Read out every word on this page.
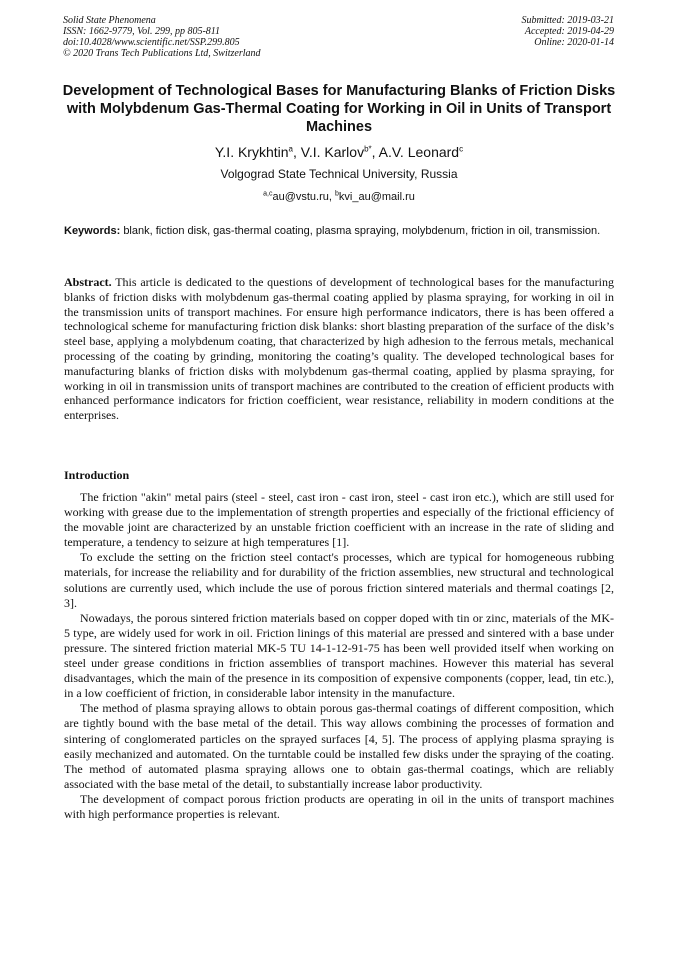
Solid State Phenomena
ISSN: 1662-9779, Vol. 299, pp 805-811
doi:10.4028/www.scientific.net/SSP.299.805
© 2020 Trans Tech Publications Ltd, Switzerland
Submitted: 2019-03-21
Accepted: 2019-04-29
Online: 2020-01-14
Development of Technological Bases for Manufacturing Blanks of Friction Disks with Molybdenum Gas-Thermal Coating for Working in Oil in Units of Transport Machines
Y.I. Krykhtin$^a$, V.I. Karlov$^{b*}$, A.V. Leonard$^c$
Volgograd State Technical University, Russia
$^{a,c}$au@vstu.ru, $^b$kvi_au@mail.ru
Keywords: blank, fiction disk, gas-thermal coating, plasma spraying, molybdenum, friction in oil, transmission.
Abstract. This article is dedicated to the questions of development of technological bases for the manufacturing blanks of friction disks with molybdenum gas-thermal coating applied by plasma spraying, for working in oil in the transmission units of transport machines. For ensure high performance indicators, there is has been offered a technological scheme for manufacturing friction disk blanks: short blasting preparation of the surface of the disk’s steel base, applying a molybdenum coating, that characterized by high adhesion to the ferrous metals, mechanical processing of the coating by grinding, monitoring the coating’s quality. The developed technological bases for manufacturing blanks of friction disks with molybdenum gas-thermal coating, applied by plasma spraying, for working in oil in transmission units of transport machines are contributed to the creation of efficient products with enhanced performance indicators for friction coefficient, wear resistance, reliability in modern conditions at the enterprises.
Introduction

The friction "akin" metal pairs (steel - steel, cast iron - cast iron, steel - cast iron etc.), which are still used for working with grease due to the implementation of strength properties and especially of the frictional efficiency of the movable joint are characterized by an unstable friction coefficient with an increase in the rate of sliding and temperature, a tendency to seizure at high temperatures [1].

To exclude the setting on the friction steel contact's processes, which are typical for homogeneous rubbing materials, for increase the reliability and for durability of the friction assemblies, new structural and technological solutions are currently used, which include the use of porous friction sintered materials and thermal coatings [2, 3].

Nowadays, the porous sintered friction materials based on copper doped with tin or zinc, materials of the MK-5 type, are widely used for work in oil. Friction linings of this material are pressed and sintered with a base under pressure. The sintered friction material MK-5 TU 14-1-12-91-75 has been well provided itself when working on steel under grease conditions in friction assemblies of transport machines. However this material has several disadvantages, which the main of the presence in its composition of expensive components (copper, lead, tin etc.), in a low coefficient of friction, in considerable labor intensity in the manufacture.

The method of plasma spraying allows to obtain porous gas-thermal coatings of different composition, which are tightly bound with the base metal of the detail. This way allows combining the processes of formation and sintering of conglomerated particles on the sprayed surfaces [4, 5]. The process of applying plasma spraying is easily mechanized and automated. On the turntable could be installed few disks under the spraying of the coating. The method of automated plasma spraying allows one to obtain gas-thermal coatings, which are reliably associated with the base metal of the detail, to substantially increase labor productivity.

The development of compact porous friction products are operating in oil in the units of transport machines with high performance properties is relevant.
